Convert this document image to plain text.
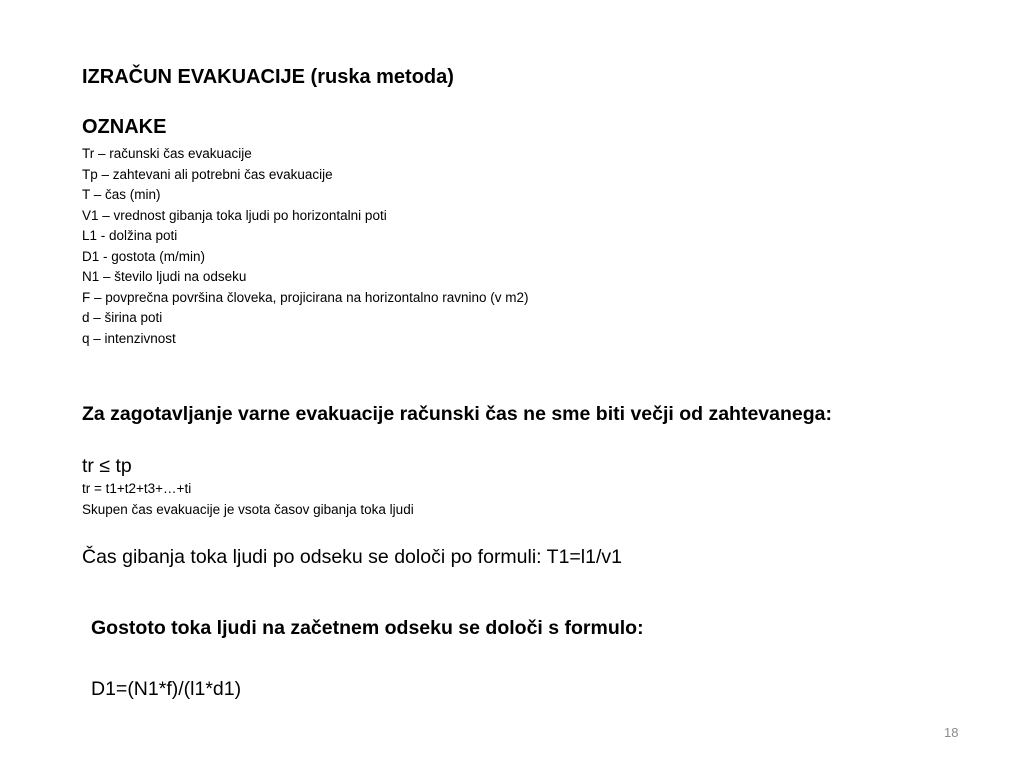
IZRAČUN EVAKUACIJE (ruska metoda)
OZNAKE
Tr – računski čas evakuacije
Tp – zahtevani ali potrebni čas evakuacije
T – čas (min)
V1 – vrednost gibanja toka ljudi po horizontalni poti
L1 - dolžina poti
D1 - gostota (m/min)
N1 – število ljudi na odseku
F – povprečna površina človeka, projicirana na horizontalno ravnino (v m2)
d – širina poti
q – intenzivnost
Za zagotavljanje varne evakuacije računski čas ne sme biti večji od zahtevanega:
tr ≤ tp
tr = t1+t2+t3+…+ti
Skupen čas evakuacije je vsota časov gibanja toka ljudi
Čas gibanja toka ljudi po odseku se določi po formuli: T1=l1/v1
Gostoto toka ljudi na začetnem odseku se določi s formulo:
D1=(N1*f)/(l1*d1)
18
